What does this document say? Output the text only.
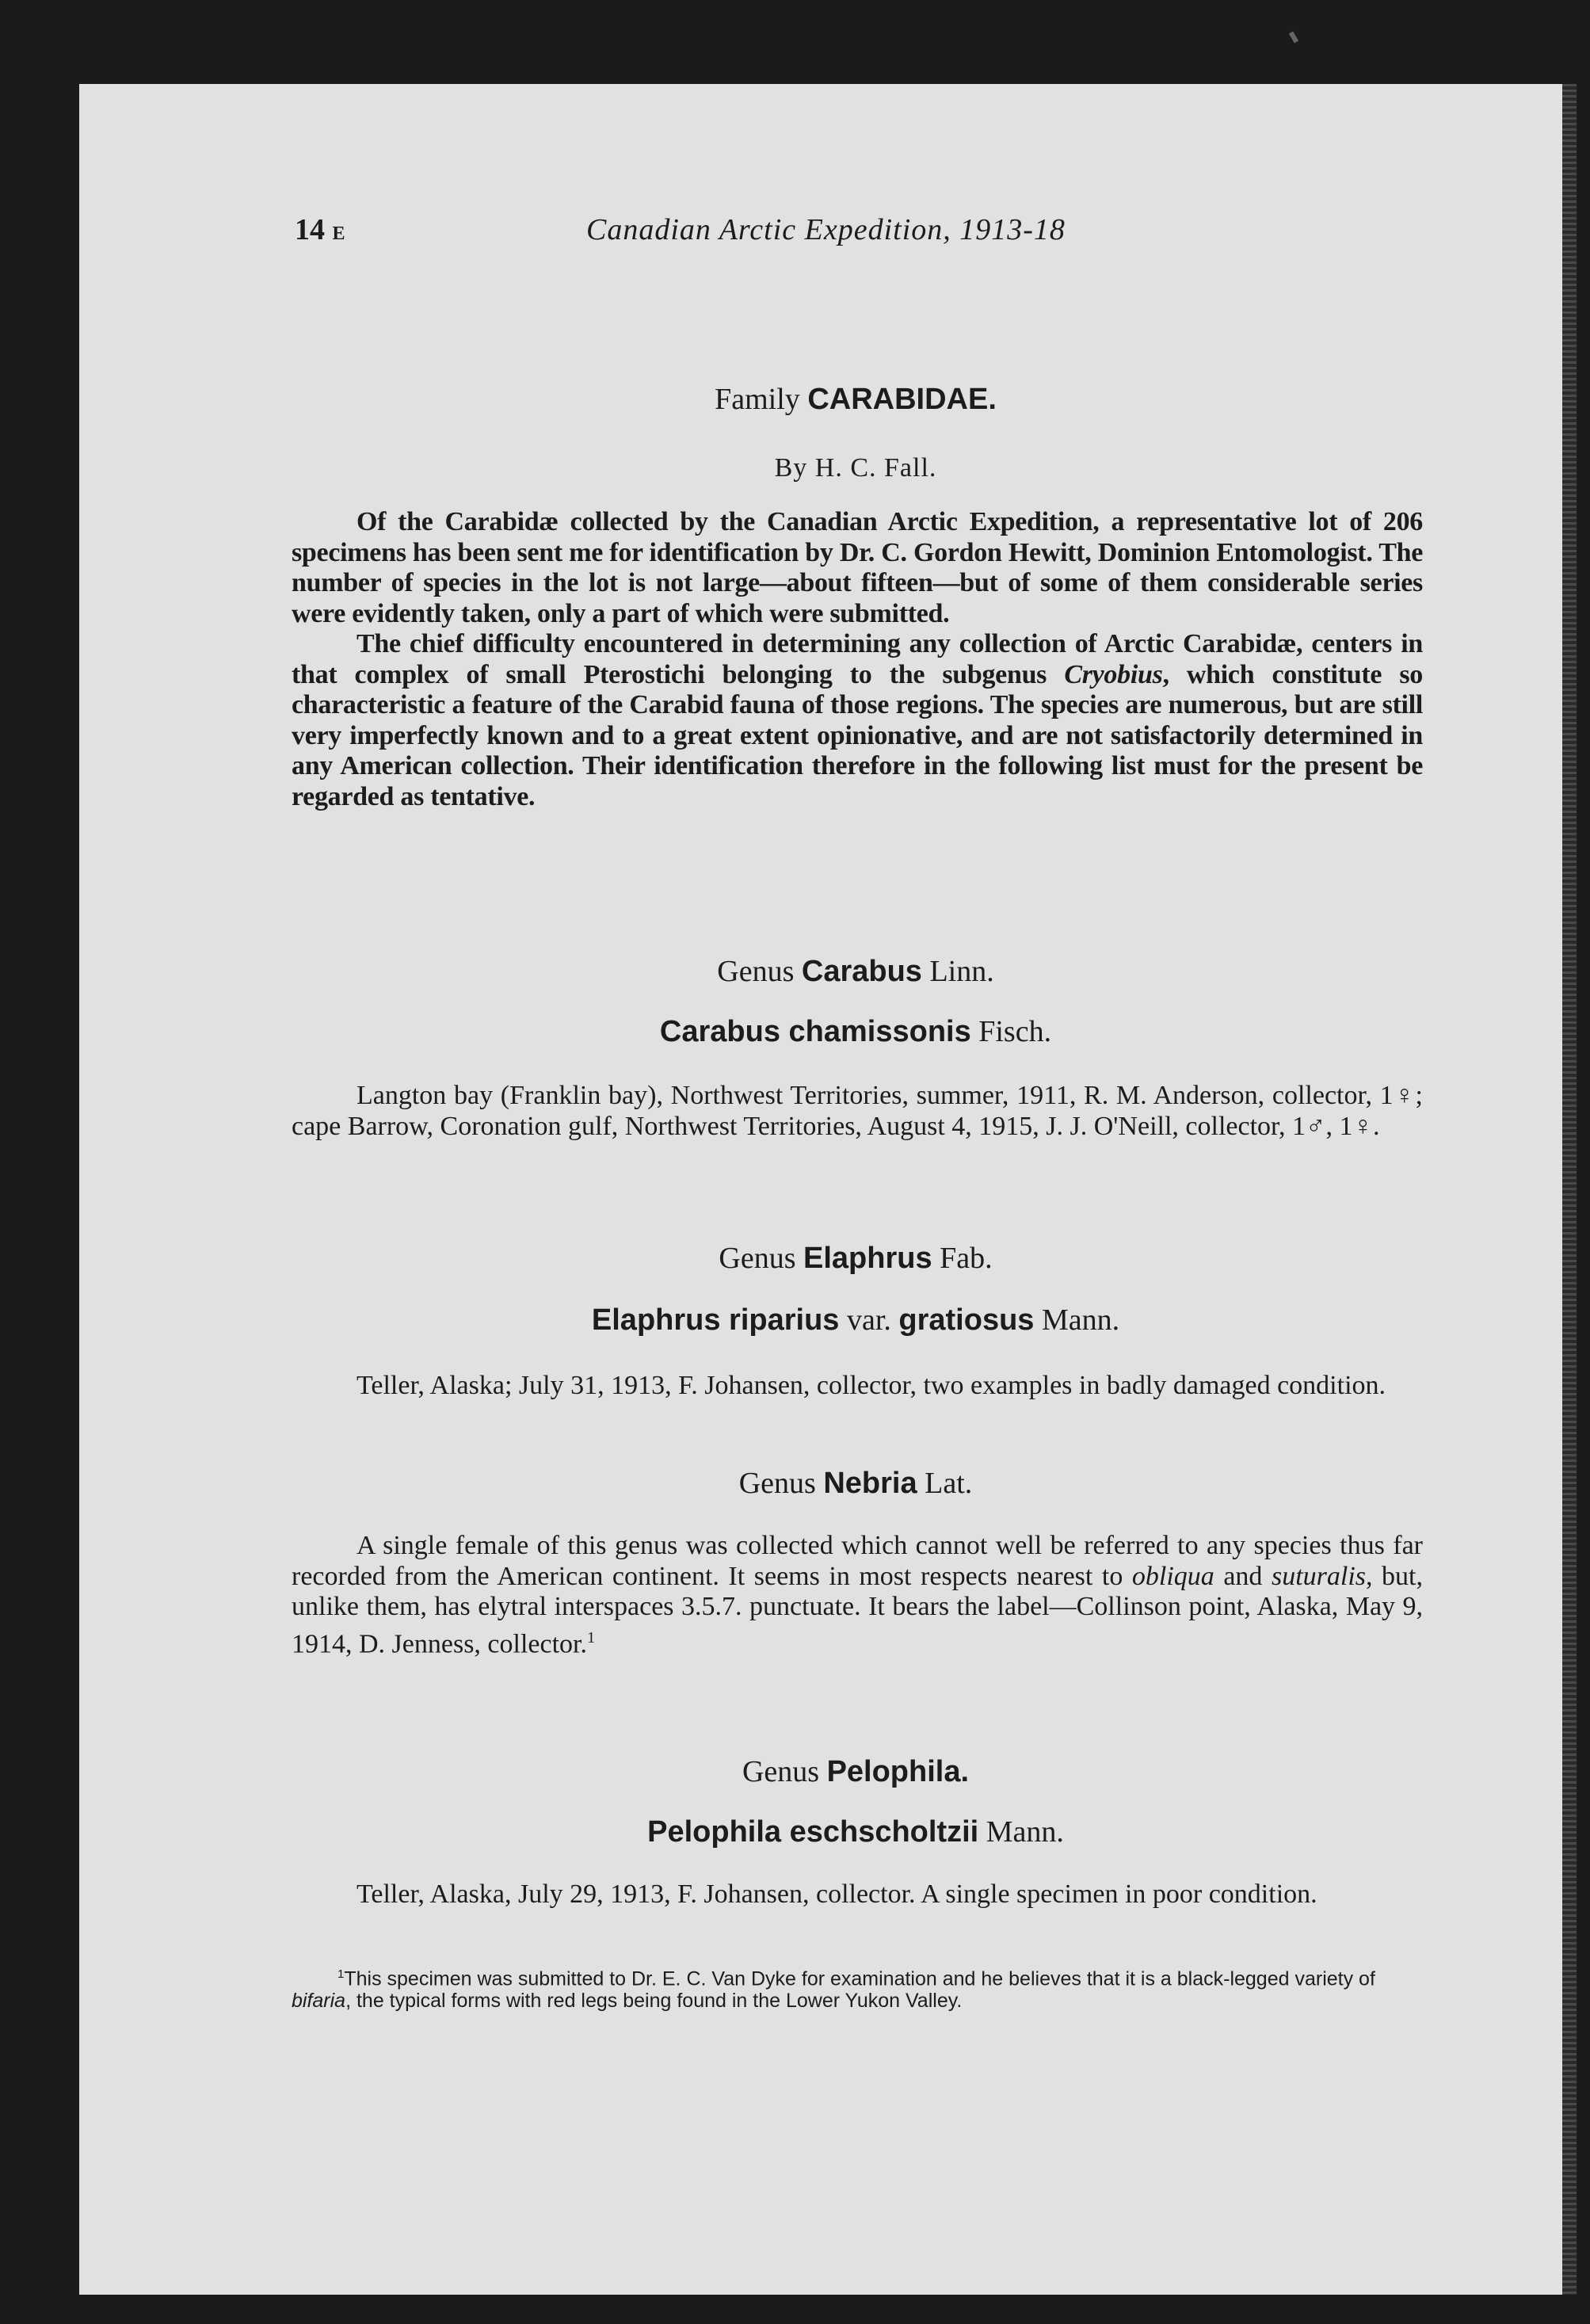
14 E	Canadian Arctic Expedition, 1913-18
Family CARABIDAE.
By H. C. Fall.

Of the Carabidæ collected by the Canadian Arctic Expedition, a representative lot of 206 specimens has been sent me for identification by Dr. C. Gordon Hewitt, Dominion Entomologist. The number of species in the lot is not large—about fifteen—but of some of them considerable series were evidently taken, only a part of which were submitted.

The chief difficulty encountered in determining any collection of Arctic Carabidæ, centers in that complex of small Pterostichi belonging to the subgenus Cryobius, which constitute so characteristic a feature of the Carabid fauna of those regions. The species are numerous, but are still very imperfectly known and to a great extent opinionative, and are not satisfactorily determined in any American collection. Their identification therefore in the following list must for the present be regarded as tentative.

Genus Carabus Linn.
Carabus chamissonis Fisch.

Langton bay (Franklin bay), Northwest Territories, summer, 1911, R. M. Anderson, collector, 1♀; cape Barrow, Coronation gulf, Northwest Territories, August 4, 1915, J. J. O'Neill, collector, 1♂, 1♀.

Genus Elaphrus Fab.
Elaphrus riparius var. gratiosus Mann.

Teller, Alaska; July 31, 1913, F. Johansen, collector, two examples in badly damaged condition.

Genus Nebria Lat.

A single female of this genus was collected which cannot well be referred to any species thus far recorded from the American continent. It seems in most respects nearest to obliqua and suturalis, but, unlike them, has elytral interspaces 3.5.7. punctuate. It bears the label—Collinson point, Alaska, May 9, 1914, D. Jenness, collector.$^1$

Genus Pelophila.
Pelophila eschscholtzii Mann.

Teller, Alaska, July 29, 1913, F. Johansen, collector. A single specimen in poor condition.

$^1$This specimen was submitted to Dr. E. C. Van Dyke for examination and he believes that it is a black-legged variety of bifaria, the typical forms with red legs being found in the Lower Yukon Valley.
